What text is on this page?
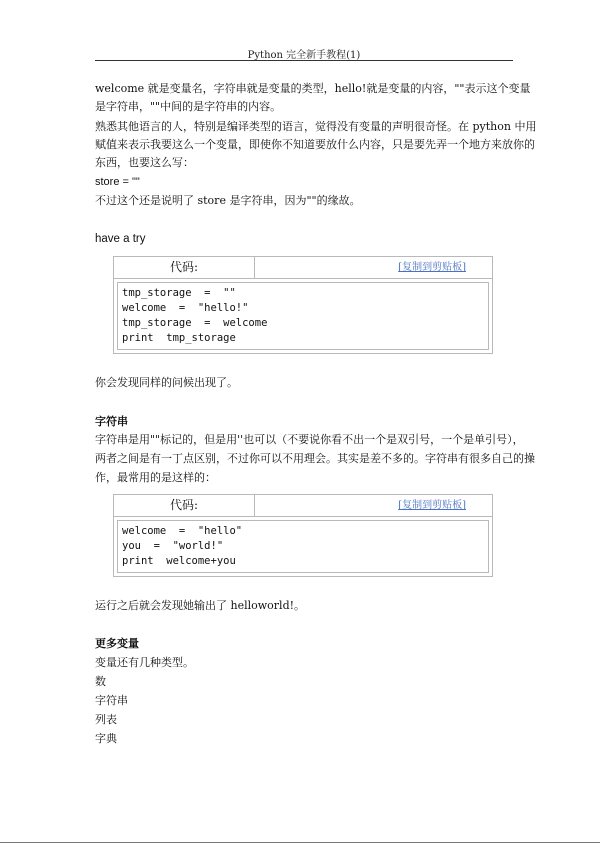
Python 完全新手教程(1)
welcome 就是变量名，字符串就是变量的类型，hello!就是变量的内容，""表示这个变量
是字符串，""中间的是字符串的内容。
熟悉其他语言的人，特别是编译类型的语言，觉得没有变量的声明很奇怪。在 python 中用
赋值来表示我要这么一个变量，即使你不知道要放什么内容，只是要先弄一个地方来放你的
东西，也要这么写：
store = ""
不过这个还是说明了 store 是字符串，因为""的缘故。
have a try
代码:	[复制到剪贴板]
tmp_storage  =  ""
welcome  =  "hello!"
tmp_storage  =  welcome
print  tmp_storage
你会发现同样的问候出现了。
字符串
字符串是用""标记的，但是用''也可以（不要说你看不出一个是双引号，一个是单引号），
两者之间是有一丁点区别，不过你可以不用理会。其实是差不多的。字符串有很多自己的操
作，最常用的是这样的：
代码:	[复制到剪贴板]
welcome  =  "hello"
you  =  "world!"
print  welcome+you
运行之后就会发现她输出了 helloworld!。
更多变量
变量还有几种类型。
数
字符串
列表
字典
